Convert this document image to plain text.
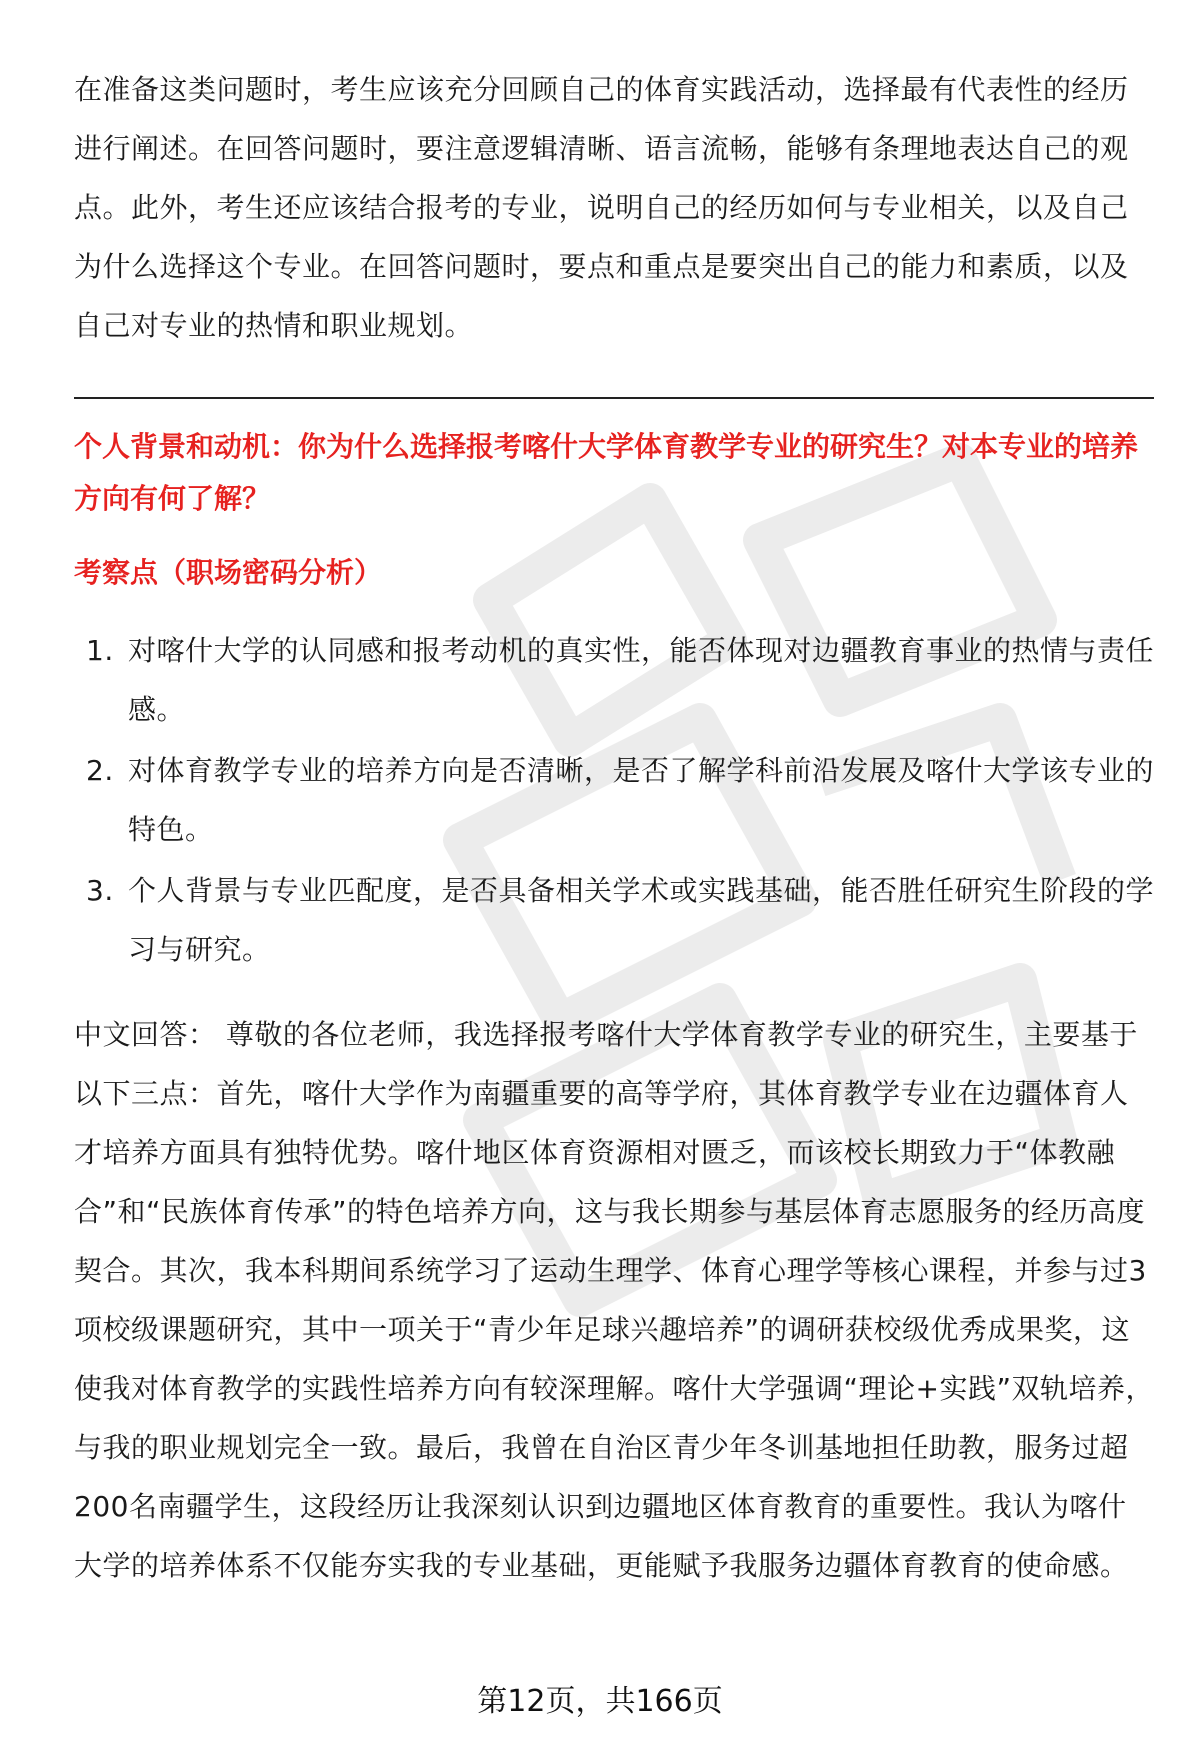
在准备这类问题时，考生应该充分回顾自己的体育实践活动，选择最有代表性的经历进行阐述。在回答问题时，要注意逻辑清晰、语言流畅，能够有条理地表达自己的观点。此外，考生还应该结合报考的专业，说明自己的经历如何与专业相关，以及自己为什么选择这个专业。在回答问题时，要点和重点是要突出自己的能力和素质，以及自己对专业的热情和职业规划。

个人背景和动机：你为什么选择报考喀什大学体育教学专业的研究生？对本专业的培养方向有何了解？

考察点（职场密码分析）

1. 对喀什大学的认同感和报考动机的真实性，能否体现对边疆教育事业的热情与责任感。
2. 对体育教学专业的培养方向是否清晰，是否了解学科前沿发展及喀什大学该专业的特色。
3. 个人背景与专业匹配度，是否具备相关学术或实践基础，能否胜任研究生阶段的学习与研究。

中文回答： 尊敬的各位老师，我选择报考喀什大学体育教学专业的研究生，主要基于以下三点：首先，喀什大学作为南疆重要的高等学府，其体育教学专业在边疆体育人才培养方面具有独特优势。喀什地区体育资源相对匮乏，而该校长期致力于“体教融合”和“民族体育传承”的特色培养方向，这与我长期参与基层体育志愿服务的经历高度契合。其次，我本科期间系统学习了运动生理学、体育心理学等核心课程，并参与过3项校级课题研究，其中一项关于“青少年足球兴趣培养”的调研获校级优秀成果奖，这使我对体育教学的实践性培养方向有较深理解。喀什大学强调“理论+实践”双轨培养，与我的职业规划完全一致。最后，我曾在自治区青少年冬训基地担任助教，服务过超200名南疆学生，这段经历让我深刻认识到边疆地区体育教育的重要性。我认为喀什大学的培养体系不仅能夯实我的专业基础，更能赋予我服务边疆体育教育的使命感。

第12页，共166页
